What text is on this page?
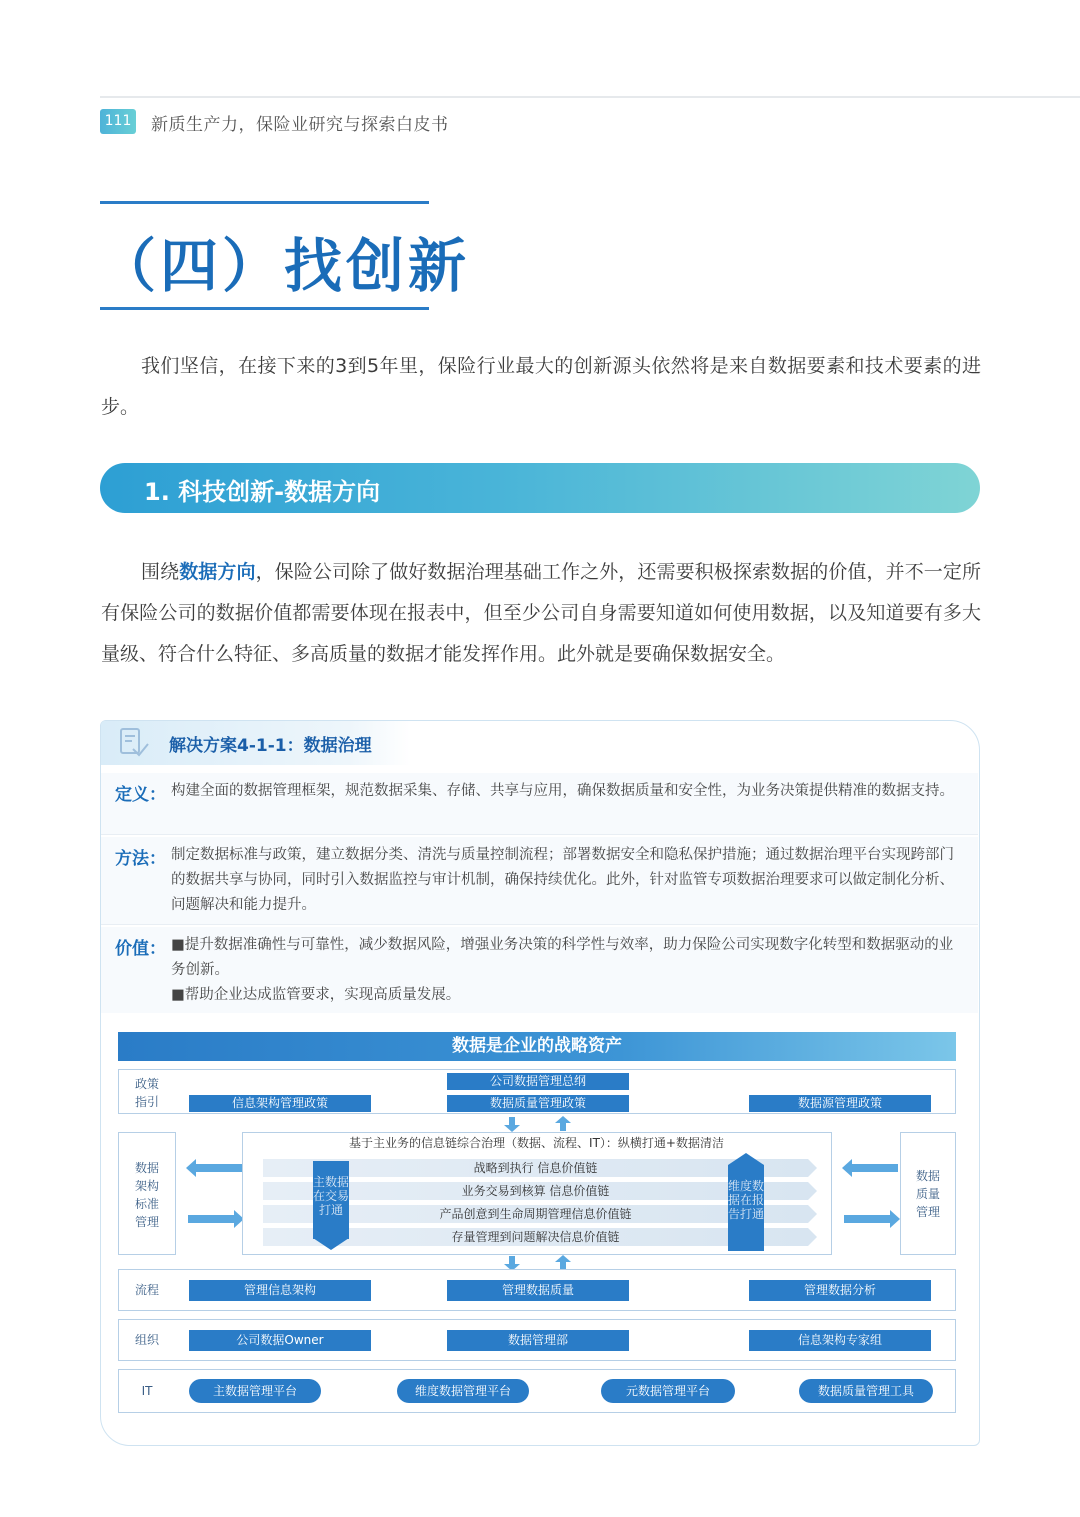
111 新质生产力，保险业研究与探索白皮书
（四）找创新

我们坚信，在接下来的3到5年里，保险行业最大的创新源头依然将是来自数据要素和技术要素的进步。

1. 科技创新-数据方向

围绕数据方向，保险公司除了做好数据治理基础工作之外，还需要积极探索数据的价值，并不一定所有保险公司的数据价值都需要体现在报表中，但至少公司自身需要知道如何使用数据，以及知道要有多大量级、符合什么特征、多高质量的数据才能发挥作用。此外就是要确保数据安全。

解决方案4-1-1：数据治理
定义： 构建全面的数据管理框架，规范数据采集、存储、共享与应用，确保数据质量和安全性，为业务决策提供精准的数据支持。
方法： 制定数据标准与政策，建立数据分类、清洗与质量控制流程；部署数据安全和隐私保护措施；通过数据治理平台实现跨部门的数据共享与协同，同时引入数据监控与审计机制，确保持续优化。此外，针对监管专项数据治理要求可以做定制化分析、问题解决和能力提升。
价值： ■提升数据准确性与可靠性，减少数据风险，增强业务决策的科学性与效率，助力保险公司实现数字化转型和数据驱动的业务创新。
■帮助企业达成监管要求，实现高质量发展。
数据是企业的战略资产
政策
指引
公司数据管理总纲
信息架构管理政策	数据质量管理政策	数据源管理政策
数据
架构
标准
管理
基于主业务的信息链综合治理（数据、流程、IT）：纵横打通+数据清洁
战略到执行 信息价值链
业务交易到核算 信息价值链
产品创意到生命周期管理信息价值链
存量管理到问题解决信息价值链
主数据在交易打通
维度数据在报告打通
数据
质量
管理
流程	管理信息架构	管理数据质量	管理数据分析
组织	公司数据Owner	数据管理部	信息架构专家组
IT	主数据管理平台	维度数据管理平台	元数据管理平台	数据质量管理工具
